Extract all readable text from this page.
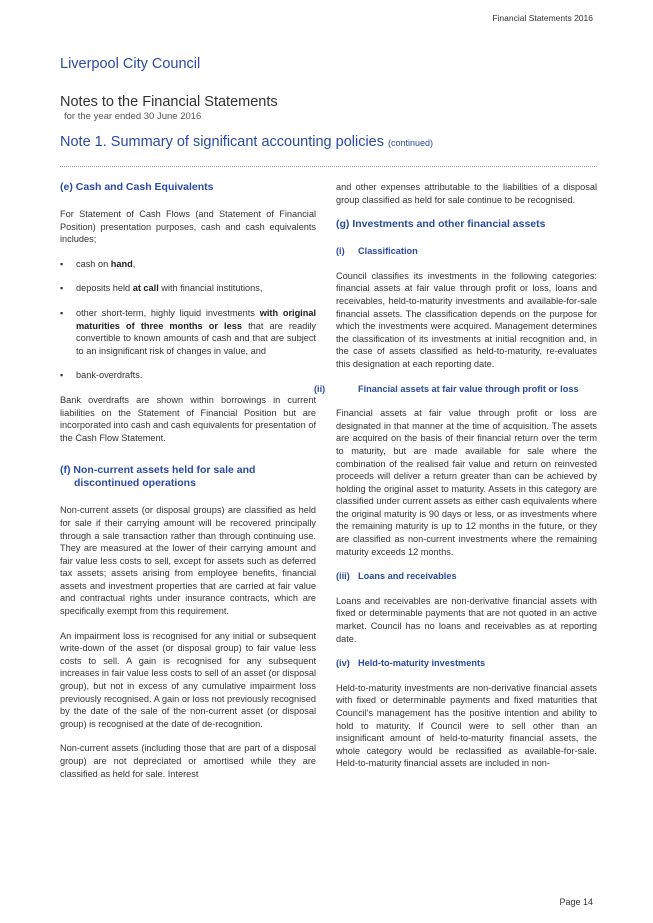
Financial Statements 2016
Liverpool City Council
Notes to the Financial Statements
for the year ended 30 June 2016
Note 1. Summary of significant accounting policies (continued)
(e) Cash and Cash Equivalents

For Statement of Cash Flows (and Statement of Financial Position) presentation purposes, cash and cash equivalents includes;

▪ cash on hand,
▪ deposits held at call with financial institutions,
▪ other short-term, highly liquid investments with original maturities of three months or less that are readily convertible to known amounts of cash and that are subject to an insignificant risk of changes in value, and
▪ bank-overdrafts.

Bank overdrafts are shown within borrowings in current liabilities on the Statement of Financial Position but are incorporated into cash and cash equivalents for presentation of the Cash Flow Statement.

(f) Non-current assets held for sale and discontinued operations

Non-current assets (or disposal groups) are classified as held for sale if their carrying amount will be recovered principally through a sale transaction rather than through continuing use. They are measured at the lower of their carrying amount and fair value less costs to sell, except for assets such as deferred tax assets; assets arising from employee benefits, financial assets and investment properties that are carried at fair value and contractual rights under insurance contracts, which are specifically exempt from this requirement.

An impairment loss is recognised for any initial or subsequent write-down of the asset (or disposal group) to fair value less costs to sell. A gain is recognised for any subsequent increases in fair value less costs to sell of an asset (or disposal group), but not in excess of any cumulative impairment loss previously recognised. A gain or loss not previously recognised by the date of the sale of the non-current asset (or disposal group) is recognised at the date of de-recognition.

Non-current assets (including those that are part of a disposal group) are not depreciated or amortised while they are classified as held for sale. Interest

and other expenses attributable to the liabilities of a disposal group classified as held for sale continue to be recognised.

(g) Investments and other financial assets
(i) Classification

Council classifies its investments in the following categories: financial assets at fair value through profit or loss, loans and receivables, held-to-maturity investments and available-for-sale financial assets. The classification depends on the purpose for which the investments were acquired. Management determines the classification of its investments at initial recognition and, in the case of assets classified as held-to-maturity, re-evaluates this designation at each reporting date.

(ii)	Financial assets at fair value through profit or loss

Financial assets at fair value through profit or loss are designated in that manner at the time of acquisition. The assets are acquired on the basis of their financial return over the term to maturity, but are made available for sale where the combination of the realised fair value and return on reinvested proceeds will deliver a return greater than can be achieved by holding the original asset to maturity. Assets in this category are classified under current assets as either cash equivalents where the original maturity is 90 days or less, or as investments where the remaining maturity is up to 12 months in the future, or they are classified as non-current investments where the remaining maturity exceeds 12 months.

(iii) Loans and receivables

Loans and receivables are non-derivative financial assets with fixed or determinable payments that are not quoted in an active market. Council has no loans and receivables as at reporting date.

(iv) Held-to-maturity investments

Held-to-maturity investments are non-derivative financial assets with fixed or determinable payments and fixed maturities that Council's management has the positive intention and ability to hold to maturity. If Council were to sell other than an insignificant amount of held-to-maturity financial assets, the whole category would be reclassified as available-for-sale. Held-to-maturity financial assets are included in non-

Page 14
